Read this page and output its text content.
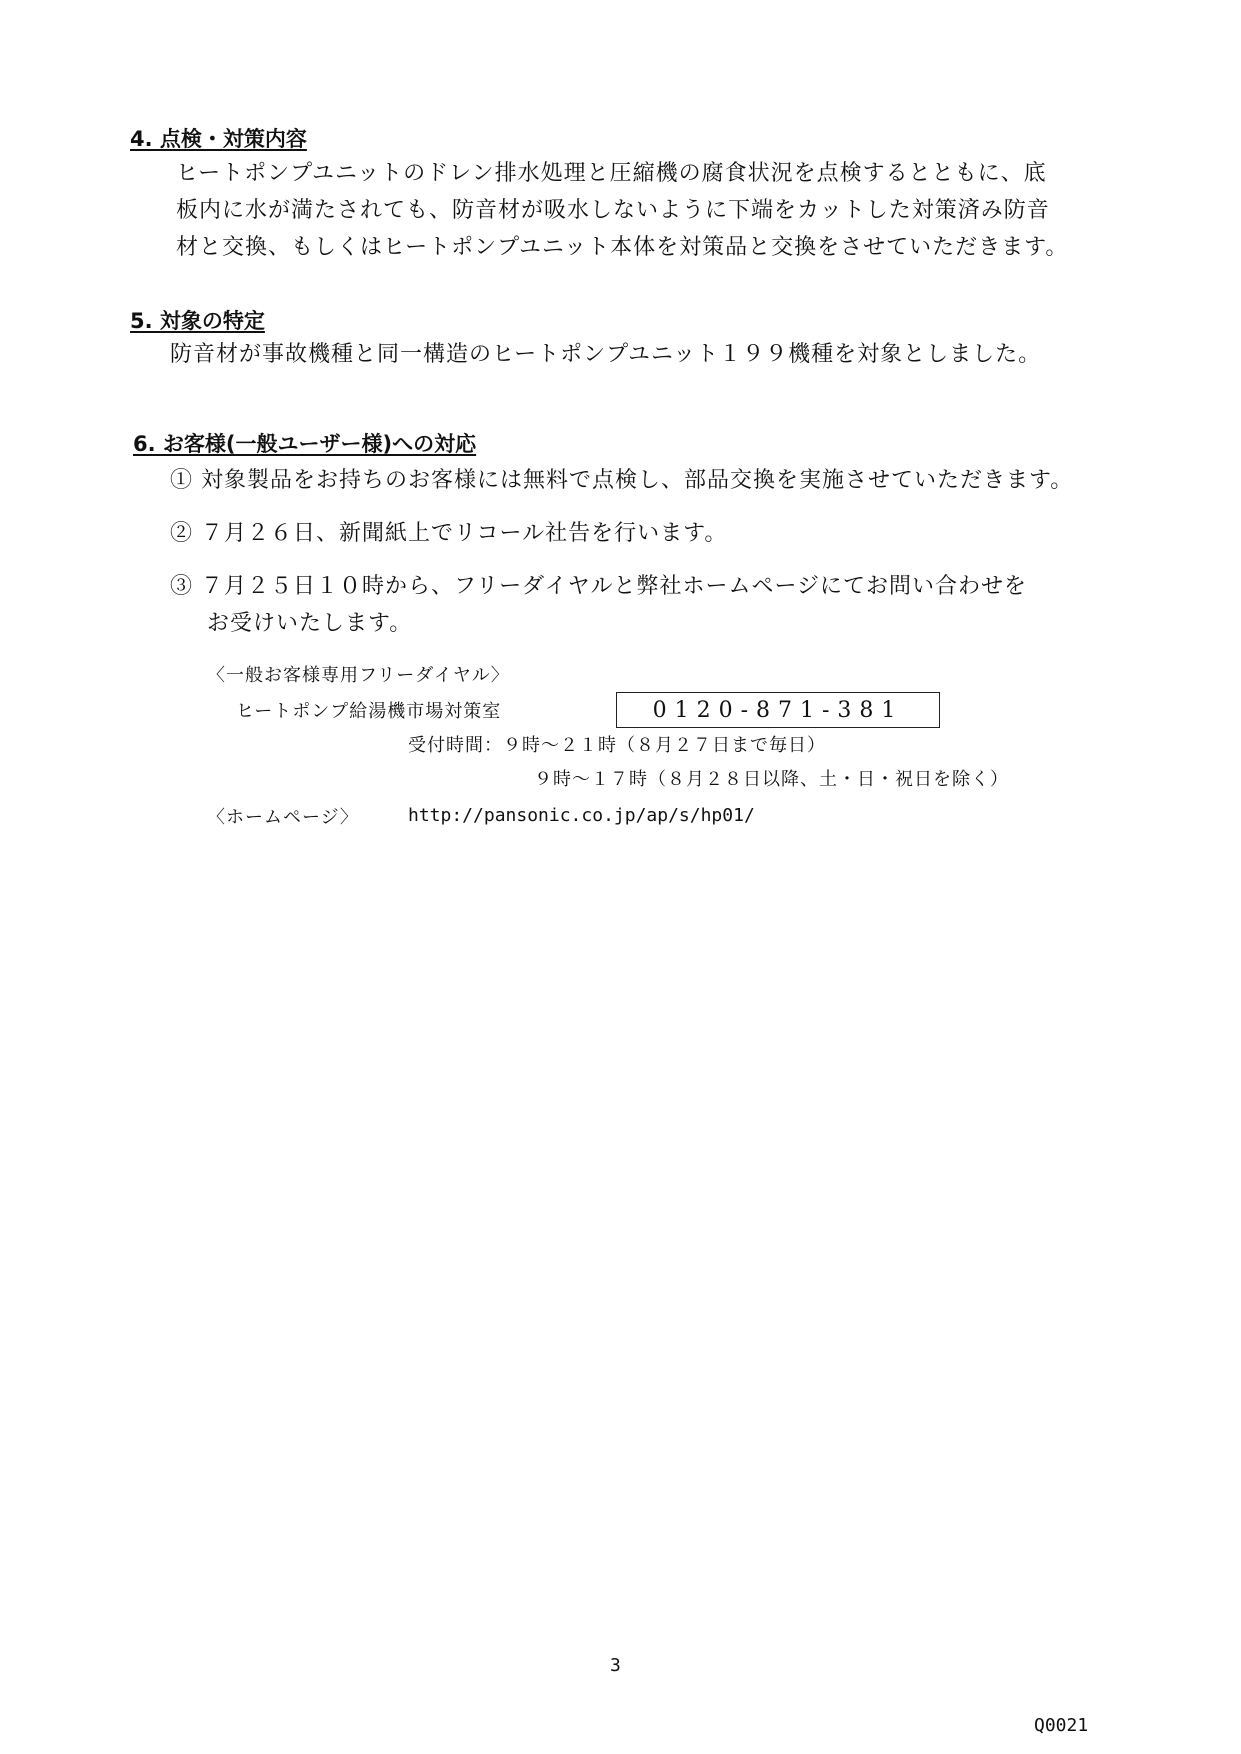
4. 点検・対策内容
ヒートポンプユニットのドレン排水処理と圧縮機の腐食状況を点検するとともに、底
板内に水が満たされても、防音材が吸水しないように下端をカットした対策済み防音
材と交換、もしくはヒートポンプユニット本体を対策品と交換をさせていただきます。
5. 対象の特定
防音材が事故機種と同一構造のヒートポンプユニット１９９機種を対象としました。
6. お客様(一般ユーザー様)への対応
① 対象製品をお持ちのお客様には無料で点検し、部品交換を実施させていただきます。
② ７月２６日、新聞紙上でリコール社告を行います。
③ ７月２５日１０時から、フリーダイヤルと弊社ホームページにてお問い合わせを
お受けいたします。
〈一般お客様専用フリーダイヤル〉
ヒートポンプ給湯機市場対策室	0120-871-381
受付時間：９時～２１時（８月２７日まで毎日）
９時～１７時（８月２８日以降、土・日・祝日を除く）
〈ホームページ〉	http://pansonic.co.jp/ap/s/hp01/
3
Q0021
